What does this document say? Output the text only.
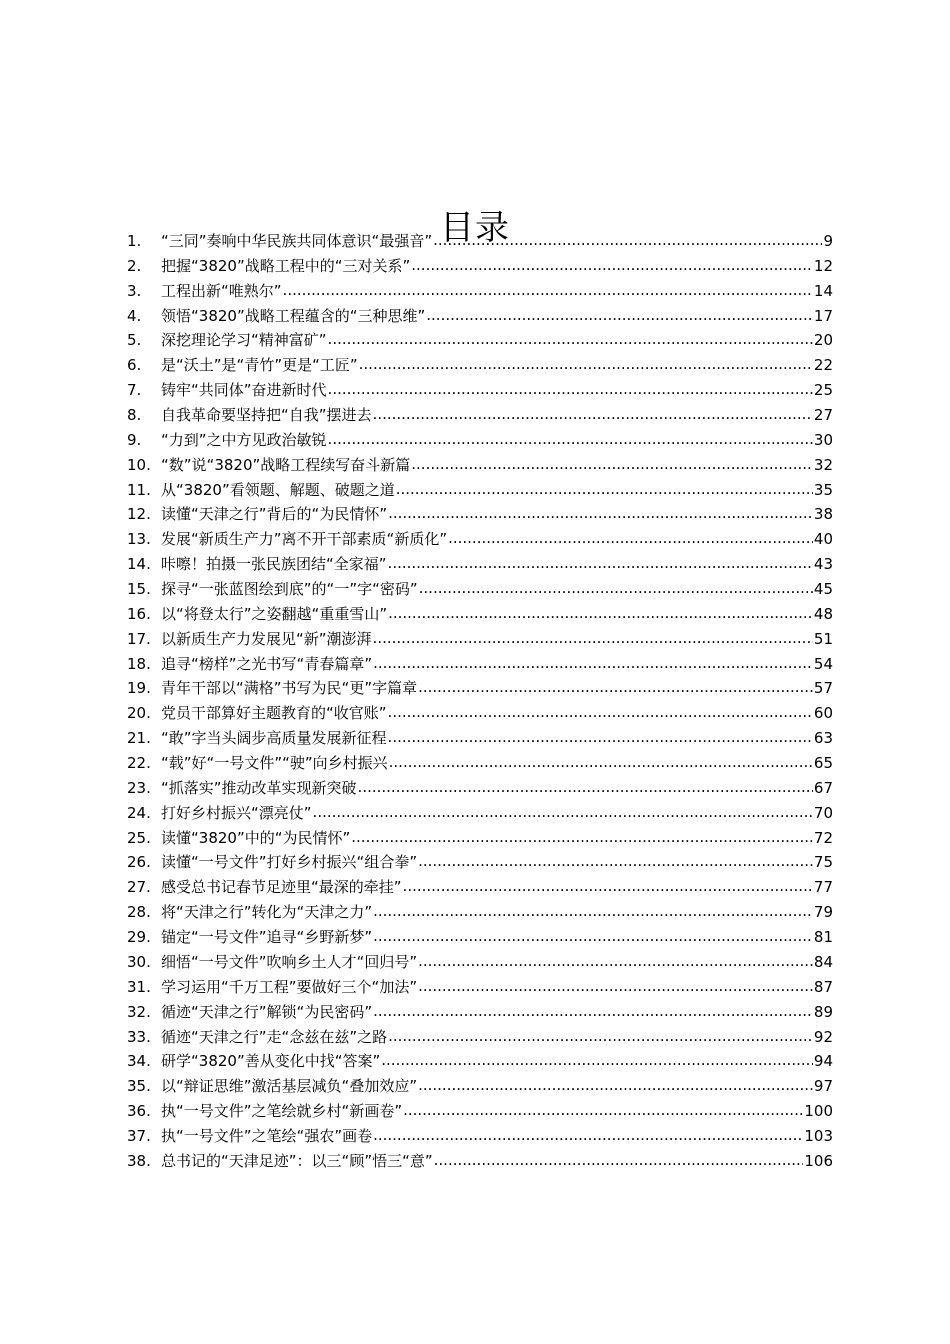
目录
1.	“三同”奏响中华民族共同体意识“最强音” .....	9
2.	把握“3820”战略工程中的“三对关系” .....	12
3.	工程出新“唯熟尔” .....	14
4.	领悟“3820”战略工程蕴含的“三种思维” .....	17
5.	深挖理论学习“精神富矿” .....	20
6.	是“沃土”是“青竹”更是“工匠” .....	22
7.	铸牢“共同体”奋进新时代 .....	25
8.	自我革命要坚持把“自我”摆进去 .....	27
9.	“力到”之中方见政治敏锐 .....	30
10. “数”说“3820”战略工程续写奋斗新篇 .....	32
11. 从“3820”看领题、解题、破题之道 .....	35
12. 读懂“天津之行”背后的“为民情怀” .....	38
13. 发展“新质生产力”离不开干部素质“新质化” .....	40
14. 咔嚓！拍摄一张民族团结“全家福” .....	43
15. 探寻“一张蓝图绘到底”的“一”字“密码” .....	45
16. 以“将登太行”之姿翻越“重重雪山” .....	48
17. 以新质生产力发展见“新”潮澎湃 .....	51
18. 追寻“榜样”之光书写“青春篇章” .....	54
19. 青年干部以“满格”书写为民“更”字篇章 .....	57
20. 党员干部算好主题教育的“收官账” .....	60
21. “敢”字当头阔步高质量发展新征程 .....	63
22. “载”好“一号文件”“驶”向乡村振兴 .....	65
23. “抓落实”推动改革实现新突破 .....	67
24. 打好乡村振兴“漂亮仗” .....	70
25. 读懂“3820”中的“为民情怀” .....	72
26. 读懂“一号文件”打好乡村振兴“组合拳” .....	75
27. 感受总书记春节足迹里“最深的牵挂” .....	77
28. 将“天津之行”转化为“天津之力” .....	79
29. 锚定“一号文件”追寻“乡野新梦” .....	81
30. 细悟“一号文件”吹响乡土人才“回归号” .....	84
31. 学习运用“千万工程”要做好三个“加法” .....	87
32. 循迹“天津之行”解锁“为民密码” .....	89
33. 循迹“天津之行”走“念兹在兹”之路 .....	92
34. 研学“3820”善从变化中找“答案” .....	94
35. 以“辩证思维”激活基层减负“叠加效应” .....	97
36. 执“一号文件”之笔绘就乡村“新画卷” .....	100
37. 执“一号文件”之笔绘“强农”画卷 .....	103
38. 总书记的“天津足迹”：以三“顾”悟三“意” .....	106
